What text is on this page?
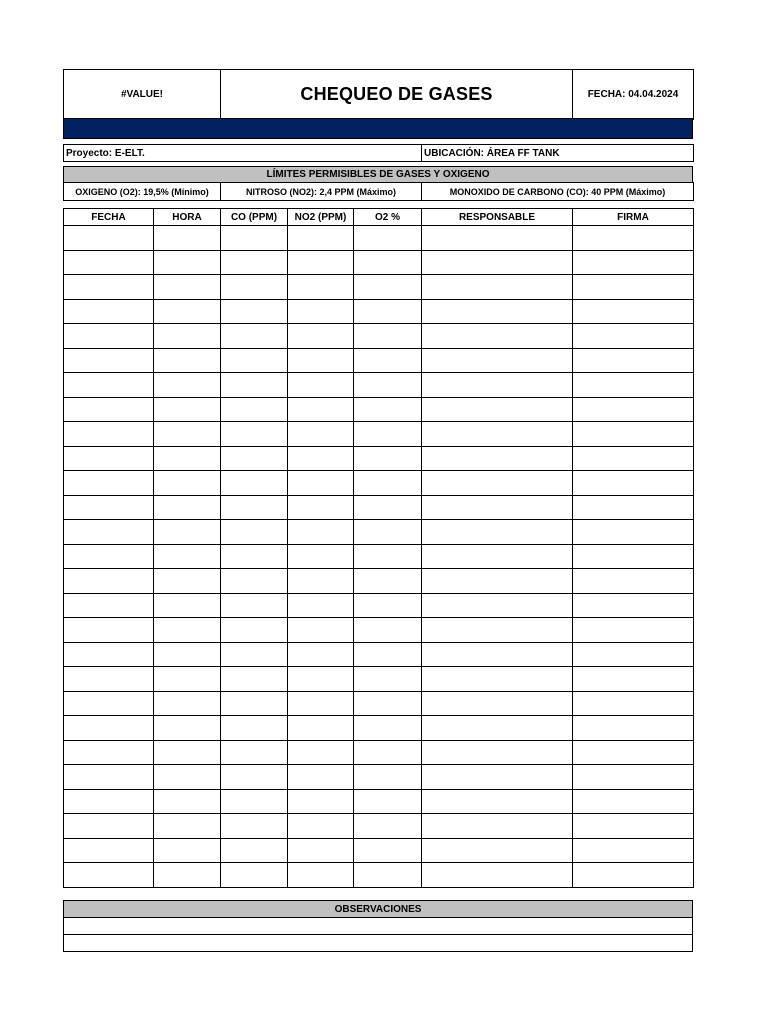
#VALUE!	CHEQUEO DE GASES	FECHA: 04.04.2024
Proyecto: E-ELT.	UBICACIÓN: ÁREA FF TANK
LÍMITES PERMISIBLES DE GASES Y OXIGENO
OXIGENO (O2): 19,5% (Mínimo)	NITROSO (NO2): 2,4 PPM (Máximo)	MONOXIDO DE CARBONO (CO): 40 PPM (Máximo)
FECHA	HORA	CO (PPM)	NO2 (PPM)	O2 %	RESPONSABLE	FIRMA

OBSERVACIONES
